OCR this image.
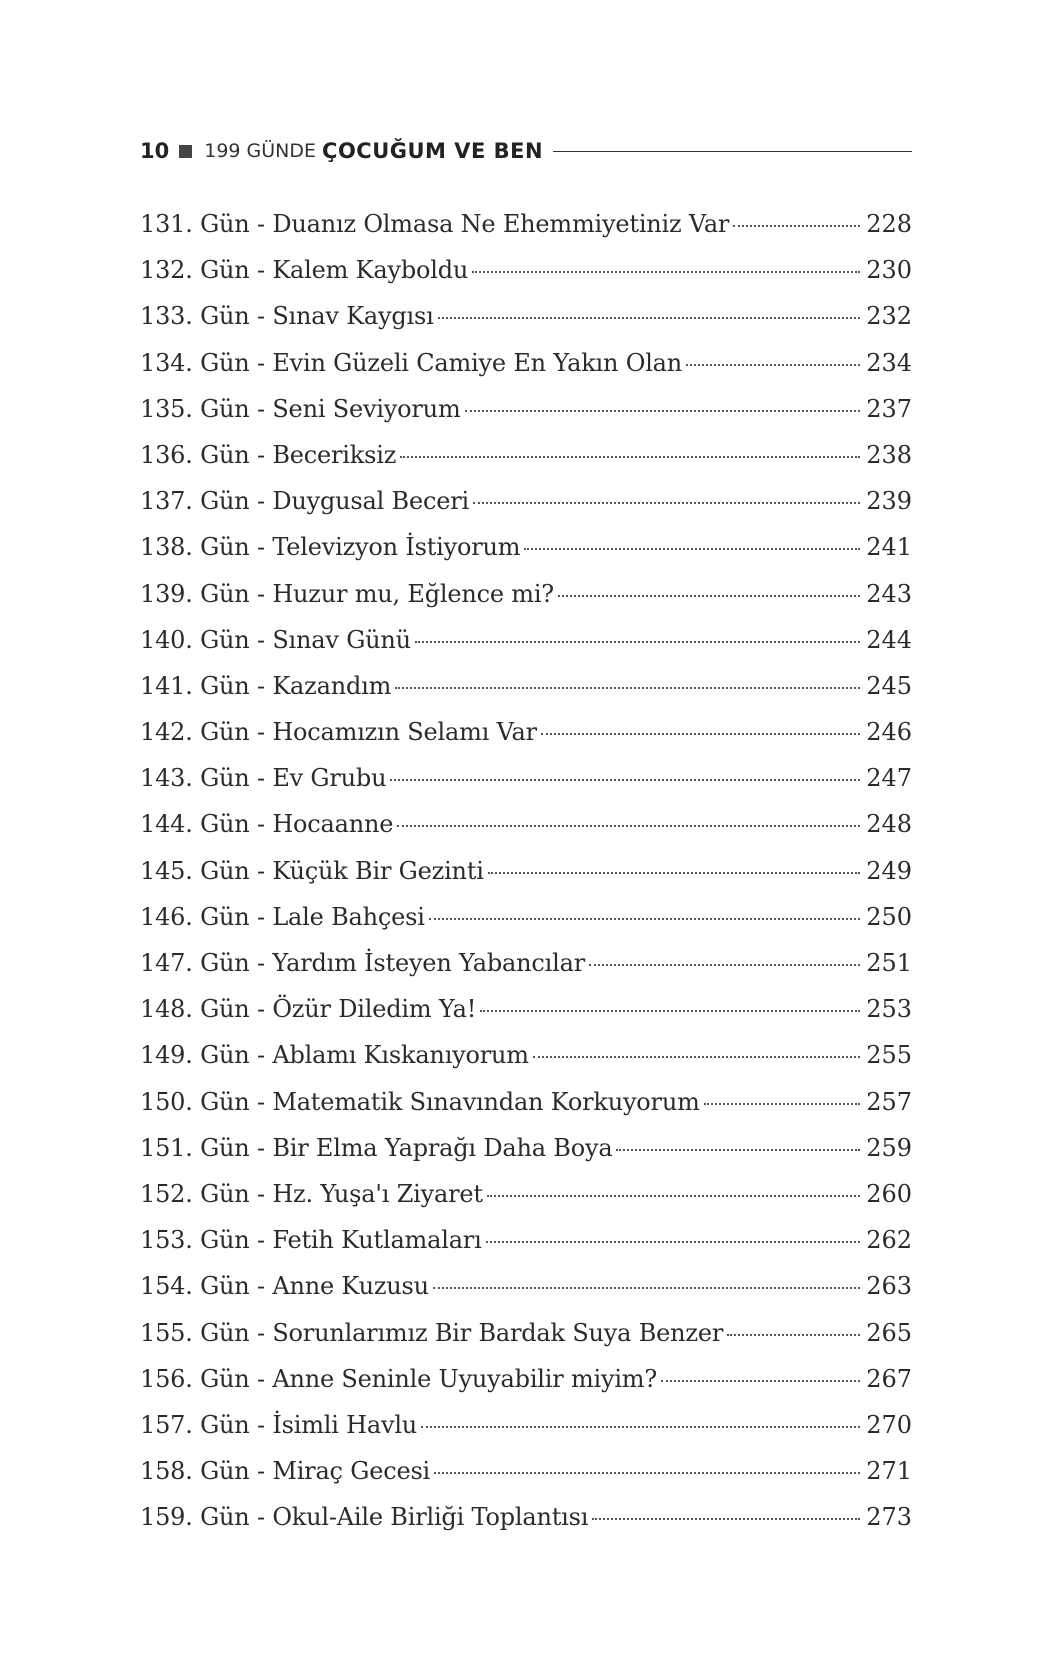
10 199 GÜNDE ÇOCUĞUM VE BEN
131. Gün - Duanız Olmasa Ne Ehemmiyetiniz Var	228
132. Gün - Kalem Kayboldu	230
133. Gün - Sınav Kaygısı	232
134. Gün - Evin Güzeli Camiye En Yakın Olan	234
135. Gün - Seni Seviyorum	237
136. Gün - Beceriksiz	238
137. Gün - Duygusal Beceri	239
138. Gün - Televizyon İstiyorum	241
139. Gün - Huzur mu, Eğlence mi?	243
140. Gün - Sınav Günü	244
141. Gün - Kazandım	245
142. Gün - Hocamızın Selamı Var	246
143. Gün - Ev Grubu	247
144. Gün - Hocaanne	248
145. Gün - Küçük Bir Gezinti	249
146. Gün - Lale Bahçesi	250
147. Gün - Yardım İsteyen Yabancılar	251
148. Gün - Özür Diledim Ya!	253
149. Gün - Ablamı Kıskanıyorum	255
150. Gün - Matematik Sınavından Korkuyorum	257
151. Gün - Bir Elma Yaprağı Daha Boya	259
152. Gün - Hz. Yuşa'ı Ziyaret	260
153. Gün - Fetih Kutlamaları	262
154. Gün - Anne Kuzusu	263
155. Gün - Sorunlarımız Bir Bardak Suya Benzer	265
156. Gün - Anne Seninle Uyuyabilir miyim?	267
157. Gün - İsimli Havlu	270
158. Gün - Miraç Gecesi	271
159. Gün - Okul-Aile Birliği Toplantısı	273
